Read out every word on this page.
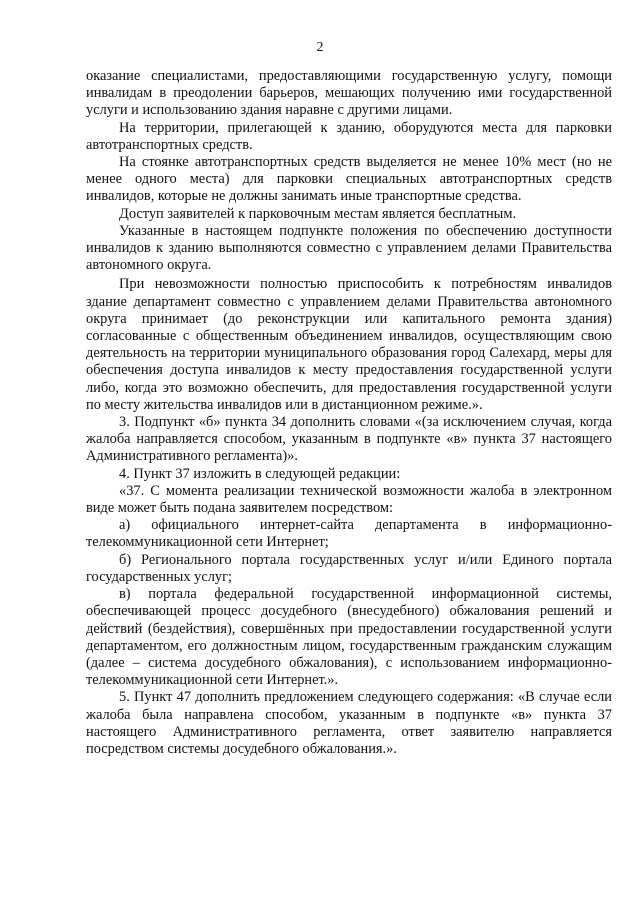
2

оказание специалистами, предоставляющими государственную услугу, помощи инвалидам в преодолении барьеров, мешающих получению ими государственной услуги и использованию здания наравне с другими лицами.

На территории, прилегающей к зданию, оборудуются места для парковки автотранспортных средств.

На стоянке автотранспортных средств выделяется не менее 10% мест (но не менее одного места) для парковки специальных автотранспортных средств инвалидов, которые не должны занимать иные транспортные средства.

Доступ заявителей к парковочным местам является бесплатным.

Указанные в настоящем подпункте положения по обеспечению доступности инвалидов к зданию выполняются совместно с управлением делами Правительства автономного округа.

При невозможности полностью приспособить к потребностям инвалидов здание департамент совместно с управлением делами Правительства автономного округа принимает (до реконструкции или капитального ремонта здания) согласованные с общественным объединением инвалидов, осуществляющим свою деятельность на территории муниципального образования город Салехард, меры для обеспечения доступа инвалидов к месту предоставления государственной услуги либо, когда это возможно обеспечить, для предоставления государственной услуги по месту жительства инвалидов или в дистанционном режиме.».

3. Подпункт «б» пункта 34 дополнить словами «(за исключением случая, когда жалоба направляется способом, указанным в подпункте «в» пункта 37 настоящего Административного регламента)».

4. Пункт 37 изложить в следующей редакции:

«37. С момента реализации технической возможности жалоба в электронном виде может быть подана заявителем посредством:

а) официального интернет-сайта департамента в информационно-телекоммуникационной сети Интернет;

б) Регионального портала государственных услуг и/или Единого портала государственных услуг;

в) портала федеральной государственной информационной системы, обеспечивающей процесс досудебного (внесудебного) обжалования решений и действий (бездействия), совершённых при предоставлении государственной услуги департаментом, его должностным лицом, государственным гражданским служащим (далее – система досудебного обжалования), с использованием информационно-телекоммуникационной сети Интернет.».

5. Пункт 47 дополнить предложением следующего содержания: «В случае если жалоба была направлена способом, указанным в подпункте «в» пункта 37 настоящего Административного регламента, ответ заявителю направляется посредством системы досудебного обжалования.».
